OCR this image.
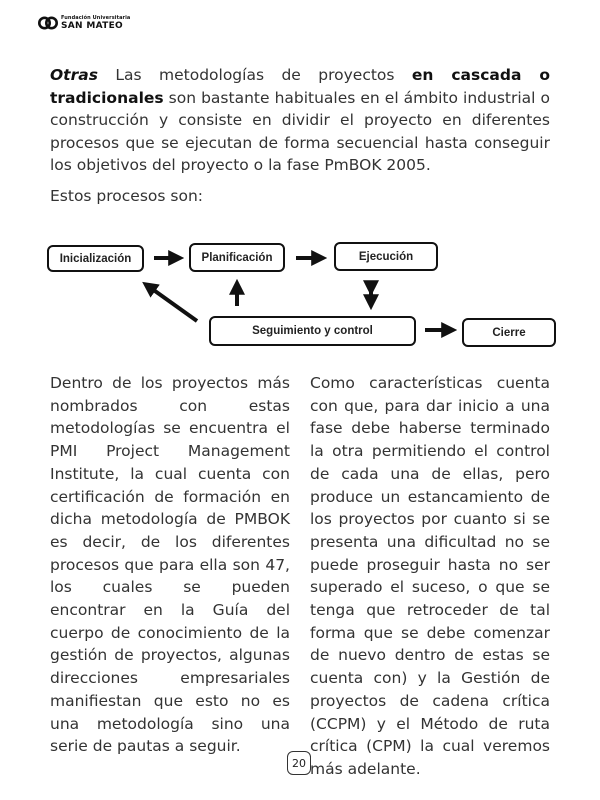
Fundación Universitaria
SAN MATEO

Otras Las metodologías de proyectos en cascada o tradicionales son bastante habituales en el ámbito industrial o construcción y consiste en dividir el proyecto en diferentes procesos que se ejecutan de forma secuencial hasta conseguir los objetivos del proyecto o la fase PmBOK 2005.

Estos procesos son:
Inicialización	Planificación	Ejecución
Seguimiento y control	Cierre

Dentro de los proyectos más nombrados con estas metodologías se encuentra el PMI Project Management Institute, la cual cuenta con certificación de formación en dicha metodología de PMBOK es decir, de los diferentes procesos que para ella son 47, los cuales se pueden encontrar en la Guía del cuerpo de conocimiento de la gestión de proyectos, algunas direcciones empresariales manifiestan que esto no es una metodología sino una serie de pautas a seguir.

Como características cuenta con que, para dar inicio a una fase debe haberse terminado la otra permitiendo el control de cada una de ellas, pero produce un estancamiento de los proyectos por cuanto si se presenta una dificultad no se puede proseguir hasta no ser superado el suceso, o que se tenga que retroceder de tal forma que se debe comenzar de nuevo dentro de estas se cuenta con) y la Gestión de proyectos de cadena crítica (CCPM) y el Método de ruta crítica (CPM) la cual veremos más adelante.

20
